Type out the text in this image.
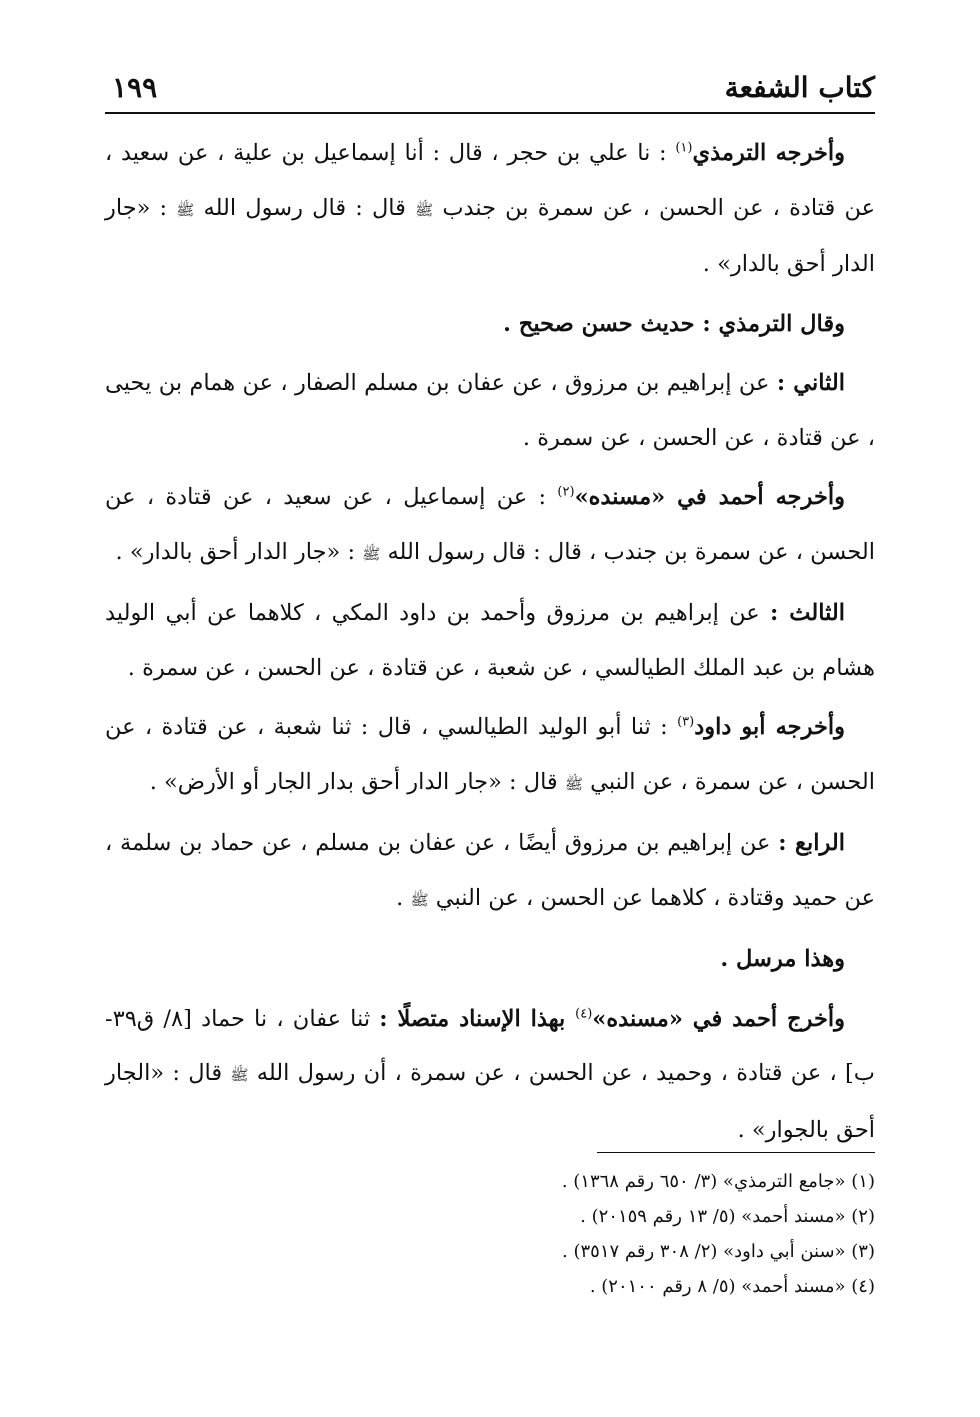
كتاب الشفعة
١٩٩

وأخرجه الترمذي$^{(١)}$ : نا علي بن حجر ، قال : أنا إسماعيل بن علية ، عن سعيد ، عن قتادة ، عن الحسن ، عن سمرة بن جندب ﷺ قال : قال رسول الله ﷺ : «جار الدار أحق بالدار» .

وقال الترمذي : حديث حسن صحيح .

الثاني : عن إبراهيم بن مرزوق ، عن عفان بن مسلم الصفار ، عن همام بن يحيى ، عن قتادة ، عن الحسن ، عن سمرة .

وأخرجه أحمد في «مسنده»$^{(٢)}$ : عن إسماعيل ، عن سعيد ، عن قتادة ، عن الحسن ، عن سمرة بن جندب ، قال : قال رسول الله ﷺ : «جار الدار أحق بالدار» .

الثالث : عن إبراهيم بن مرزوق وأحمد بن داود المكي ، كلاهما عن أبي الوليد هشام بن عبد الملك الطيالسي ، عن شعبة ، عن قتادة ، عن الحسن ، عن سمرة .

وأخرجه أبو داود$^{(٣)}$ : ثنا أبو الوليد الطيالسي ، قال : ثنا شعبة ، عن قتادة ، عن الحسن ، عن سمرة ، عن النبي ﷺ قال : «جار الدار أحق بدار الجار أو الأرض» .

الرابع : عن إبراهيم بن مرزوق أيضًا ، عن عفان بن مسلم ، عن حماد بن سلمة ، عن حميد وقتادة ، كلاهما عن الحسن ، عن النبي ﷺ .

وهذا مرسل .

وأخرج أحمد في «مسنده»$^{(٤)}$ بهذا الإسناد متصلًا : ثنا عفان ، نا حماد [٨/ ق٣٩-ب] ، عن قتادة ، وحميد ، عن الحسن ، عن سمرة ، أن رسول الله ﷺ قال : «الجار أحق بالجوار» .

(١) «جامع الترمذي» (٣/ ٦٥٠ رقم ١٣٦٨) .
(٢) «مسند أحمد» (٥/ ١٣ رقم ٢٠١٥٩) .
(٣) «سنن أبي داود» (٢/ ٣٠٨ رقم ٣٥١٧) .
(٤) «مسند أحمد» (٥/ ٨ رقم ٢٠١٠٠) .
